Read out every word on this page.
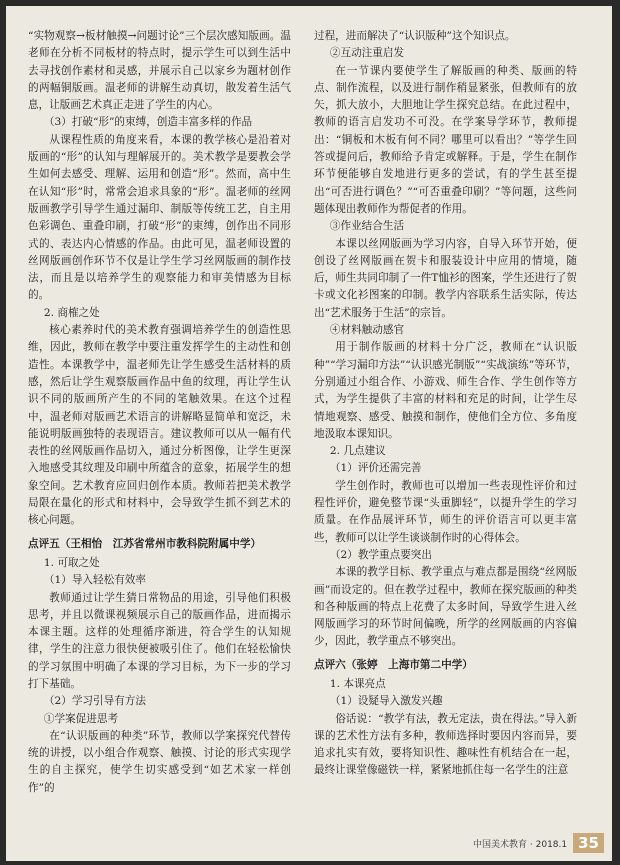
“实物观察→板材触摸→问题讨论”三个层次感知版画。温老师在分析不同板材的特点时，提示学生可以到生活中去寻找创作素材和灵感，并展示自己以家乡为题材创作的两幅铜版画。温老师的讲解生动真切，散发着生活气息，让版画艺术真正走进了学生的内心。

（3）打破“形”的束缚，创造丰富多样的作品

从课程性质的角度来看，本课的教学核心是沿着对版画的“形”的认知与理解展开的。美术教学是要教会学生如何去感受、理解、运用和创造“形”。然而，高中生在认知“形”时，常常会追求具象的“形”。温老师的丝网版画教学引导学生通过漏印、制版等传统工艺，自主用色彩调色、重叠印刷，打破“形”的束缚，创作出不同形式的、表达内心情感的作品。由此可见，温老师设置的丝网版画创作环节不仅是让学生学习丝网版画的制作技法，而且是以培养学生的观察能力和审美情感为目标的。

2. 商榷之处

核心素养时代的美术教育强调培养学生的创造性思维，因此，教师在教学中要注重发挥学生的主动性和创造性。本课教学中，温老师先让学生感受生活材料的质感，然后让学生观察版画作品中鱼的纹理，再让学生认识不同的版画所产生的不同的笔触效果。在这个过程中，温老师对版画艺术语言的讲解略显简单和宽泛，未能说明版画独特的表现语言。建议教师可以从一幅有代表性的丝网版画作品切入，通过分析图像，让学生更深入地感受其纹理及印刷中所蕴含的意象，拓展学生的想象空间。艺术教育应回归创作本质。教师若把美术教学局限在量化的形式和材料中，会导致学生抓不到艺术的核心问题。

点评五（王相怡　江苏省常州市教科院附属中学）

1. 可取之处

（1）导入轻松有效率

教师通过让学生猜日常物品的用途，引导他们积极思考，并且以微课视频展示自己的版画作品，进而揭示本课主题。这样的处理循序渐进，符合学生的认知规律，学生的注意力很快便被吸引住了。他们在轻松愉快的学习氛围中明确了本课的学习目标，为下一步的学习打下基础。

（2）学习引导有方法

①学案促进思考

在“认识版画的种类”环节，教师以学案探究代替传统的讲授，以小组合作观察、触摸、讨论的形式实现学生的自主探究，使学生切实感受到“如艺术家一样创作”的

过程，进而解决了“认识版种”这个知识点。

②互动注重启发

在一节课内要使学生了解版画的种类、版画的特点、制作流程，以及进行制作稍显紧张，但教师有的放矢，抓大放小，大胆地让学生探究总结。在此过程中，教师的语言启发功不可没。在学案导学环节，教师提出：“铜板和木板有何不同？哪里可以看出？”等学生回答或提问后，教师给予肯定或解释。于是，学生在制作环节便能够自发地进行更多的尝试，有的学生甚至提出“可否进行调色？”“可否重叠印刷？”等问题，这些问题体现出教师作为帮促者的作用。

③作业结合生活

本课以丝网版画为学习内容，自导入环节开始，便创设了丝网版画在贺卡和服装设计中应用的情境，随后，师生共同印制了一件T恤衫的图案，学生还进行了贺卡或文化衫图案的印制。教学内容联系生活实际，传达出“艺术服务于生活”的宗旨。

④材料触动感官

用于制作版画的材料十分广泛，教师在“认识版种”“学习漏印方法”“认识感光制版”“实战演练”等环节，分别通过小组合作、小游戏、师生合作、学生创作等方式，为学生提供了丰富的材料和充足的时间，让学生尽情地观察、感受、触摸和制作，使他们全方位、多角度地汲取本课知识。

2. 几点建议

（1）评价还需完善

学生创作时，教师也可以增加一些表现性评价和过程性评价，避免整节课“头重脚轻”，以提升学生的学习质量。在作品展评环节，师生的评价语言可以更丰富些，教师可以让学生谈谈制作时的心得体会。

（2）教学重点要突出

本课的教学目标、教学重点与难点都是围绕“丝网版画”而设定的。但在教学过程中，教师在探究版画的种类和各种版画的特点上花费了太多时间，导致学生进入丝网版画学习的环节时间偏晚，所学的丝网版画的内容偏少，因此，教学重点不够突出。

点评六（张婷　上海市第二中学）

1. 本课亮点

（1）设疑导入激发兴趣

俗话说：“教学有法，教无定法，贵在得法。”导入新课的艺术性方法有多种，教师选择时要因内容而异，要追求扎实有效，要将知识性、趣味性有机结合在一起，最终让课堂像磁铁一样，紧紧地抓住每一名学生的注意

中国美术教育 · 2018.1 35
